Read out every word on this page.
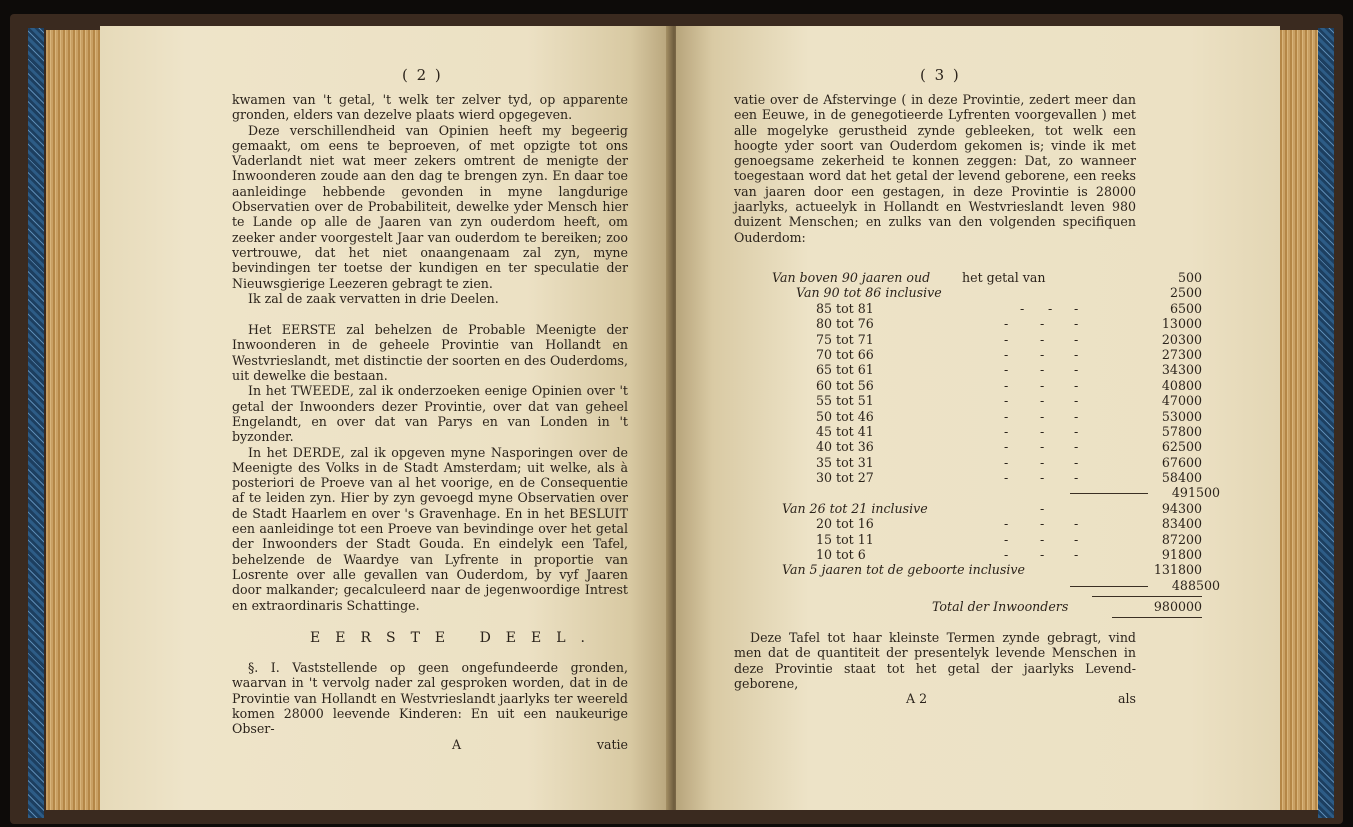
( 2 )

kwamen van 't getal, 't welk ter zelver tyd, op apparente gronden, elders van dezelve plaats wierd opgegeven.

Deze verschillendheid van Opinien heeft my begeerig gemaakt, om eens te beproeven, of met opzigte tot ons Vaderlandt niet wat meer zekers omtrent de menigte der Inwoonderen zoude aan den dag te brengen zyn. En daar toe aanleidinge hebbende gevonden in myne langdurige Observatien over de Probabiliteit, dewelke yder Mensch hier te Lande op alle de Jaaren van zyn ouderdom heeft, om zeeker ander voorgestelt Jaar van ouderdom te bereiken; zoo vertrouwe, dat het niet onaangenaam zal zyn, myne bevindingen ter toetse der kundigen en ter speculatie der Nieuwsgierige Leezeren gebragt te zien.

Ik zal de zaak vervatten in drie Deelen.

Het EERSTE zal behelzen de Probable Meenigte der Inwoonderen in de geheele Provintie van Hollandt en Westvrieslandt, met distinctie der soorten en des Ouderdoms, uit dewelke die bestaan.

In het TWEEDE, zal ik onderzoeken eenige Opinien over 't getal der Inwoonders dezer Provintie, over dat van geheel Engelandt, en over dat van Parys en van Londen in 't byzonder.

In het DERDE, zal ik opgeven myne Nasporingen over de Meenigte des Volks in de Stadt Amsterdam; uit welke, als à posteriori de Proeve van al het voorige, en de Consequentie af te leiden zyn. Hier by zyn gevoegd myne Observatien over de Stadt Haarlem en over 's Gravenhage. En in het BESLUIT een aanleidinge tot een Proeve van bevindinge over het getal der Inwoonders der Stadt Gouda. En eindelyk een Tafel, behelzende de Waardye van Lyfrente in proportie van Losrente over alle gevallen van Ouderdom, by vyf Jaaren door malkander; gecalculeerd naar de jegenwoordige Intrest en extraordinaris Schattinge.

EERSTE DEEL.

§. I. Vaststellende op geen ongefundeerde gronden, waarvan in 't vervolg nader zal gesproken worden, dat in de Provintie van Hollandt en Westvrieslandt jaarlyks ter weereld komen 28000 leevende Kinderen: En uit een naukeurige Obser-

A	vatie

( 3 )

vatie over de Afstervinge ( in deze Provintie, zedert meer dan een Eeuwe, in de genegotieerde Lyfrenten voorgevallen ) met alle mogelyke gerustheid zynde gebleeken, tot welk een hoogte yder soort van Ouderdom gekomen is; vinde ik met genoegsame zekerheid te konnen zeggen: Dat, zo wanneer toegestaan word dat het getal der levend geborene, een reeks van jaaren door een gestagen, in deze Provintie is 28000 jaarlyks, actueelyk in Hollandt en Westvrieslandt leven 980 duizent Menschen; en zulks van den volgenden specifiquen Ouderdom:

Van boven 90 jaaren oud	het getal van	500
Van 90 tot 86 inclusive	2500
85 tot 81	- - -	6500
80 tot 76	-	- -	13000
75 tot 71	-	- -	20300
70 tot 66	-	- -	27300
65 tot 61	-	- -	34300
60 tot 56	-	- -	40800
55 tot 51	-	- -	47000
50 tot 46	-	- -	53000
45 tot 41	-	- -	57800
40 tot 36	-	- -	62500
35 tot 31	-	- -	67600
30 tot 27	-	- -	58400
491500
Van 26 tot 21 inclusive	-	94300
20 tot 16	-	- -	83400
15 tot 11	-	- -	87200
10 tot 6	-	- -	91800
Van 5 jaaren tot de geboorte inclusive	131800
488500
Total der Inwoonders	980000

Deze Tafel tot haar kleinste Termen zynde gebragt, vind men dat de quantiteit der presentelyk levende Menschen in deze Provintie staat tot het getal der jaarlyks Levend-geborene,

A 2	als
